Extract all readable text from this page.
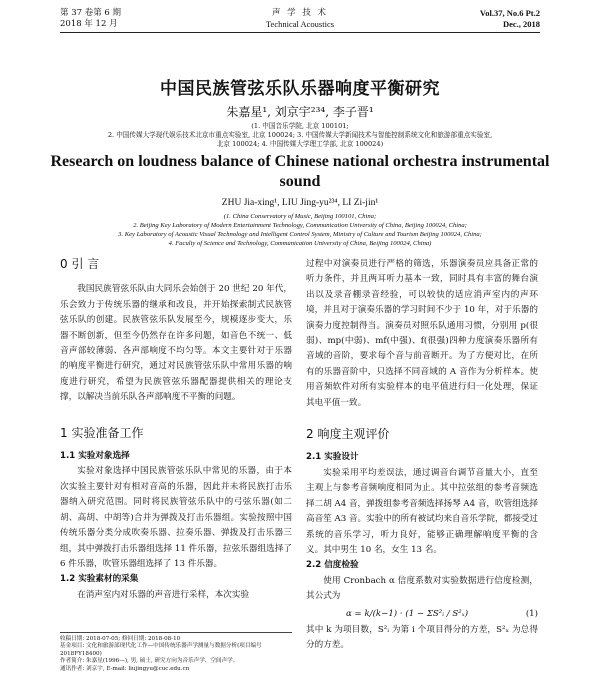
第 37 卷第 6 期
2018 年 12 月
声 学 技 术
Technical Acoustics
Vol.37, No.6 Pt.2
Dec., 2018
中国民族管弦乐队乐器响度平衡研究
朱嘉星¹, 刘京宇²³⁴, 李子晋¹
(1. 中国音乐学院, 北京 100101;
2. 中国传媒大学现代娱乐技术北京市重点实验室, 北京 100024; 3. 中国传媒大学新闻技术与智能控制系统文化和旅游部重点实验室,
北京 100024; 4. 中国传媒大学理工学部, 北京 100024)
Research on loudness balance of Chinese national orchestra instrumental sound
ZHU Jia-xing¹, LIU Jing-yu²³⁴, LI Zi-jin¹
(1. China Conservatory of Music, Beijing 100101, China;
2. Beijing Key Laboratory of Modern Entertainment Technology, Communication University of China, Beijing 100024, China;
3. Key Laboratory of Acoustic Visual Technology and Intelligent Control System, Ministry of Culture and Tourism Beijing 100024, China;
4. Faculty of Science and Technology, Communication University of China, Beijing 100024, China)
0 引 言

我国民族管弦乐队由大同乐会始创于 20 世纪 20 年代，乐会致力于传统乐器的继承和改良，并开始探索制式民族管弦乐队的创建。民族管弦乐队发展至今，规模逐步变大，乐器不断创新，但至今仍然存在许多问题，如音色不统一、低音声部较薄弱、各声部响度不均匀等。本文主要针对于乐器的响度平衡进行研究，通过对民族管弦乐队中常用乐器的响度进行研究，希望为民族管弦乐器配器提供相关的理论支撑，以解决当前乐队各声部响度不平衡的问题。

1 实验准备工作
1.1 实验对象选择

实验对象选择中国民族管弦乐队中常见的乐器，由于本次实验主要针对有相对音高的乐器，因此并未将民族打击乐器纳入研究范围。同时将民族管弦乐队中的弓弦乐器(如二胡、高胡、中胡等)合并为弹拨及打击乐器组。实验按照中国传统乐器分类分成吹奏乐器、拉奏乐器、弹拨及打击乐器三组，其中弹拨打击乐器组选择 11 件乐器，拉弦乐器组选择了 6 件乐器，吹管乐器组选择了 13 件乐器。

1.2 实验素材的采集

在消声室内对乐器的声音进行采样，本次实验

过程中对演奏员进行严格的筛选，乐器演奏员应具备正常的听力条件，并且两耳听力基本一致，同时具有丰富的舞台演出以及录音棚录音经验，可以较快的适应消声室内的声环境，并且对于演奏乐器的学习时间不少于 10 年，对于乐器的演奏力度控制得当。演奏员对照乐队通用习惯，分别用 p(很弱)、mp(中弱)、mf(中强)、f(很强)四种力度演奏乐器所有音域的音阶，要求每个音与前音断开。为了方便对比，在所有的乐器音阶中，只选择不同音域的 A 音作为分析样本。使用音频软件对所有实验样本的电平值进行归一化处理，保证其电平值一致。

2 响度主观评价
2.1 实验设计

实验采用平均差误法，通过调音台调节音量大小，直至主观上与参考音频响度相同为止。其中拉弦组的参考音频选择二胡 A4 音，弹拨组参考音频选择扬琴 A4 音，吹管组选择高音笙 A3 音。实验中的所有被试均来自音乐学院，都接受过系统的音乐学习，听力良好，能够正确理解响度平衡的含义。其中男生 10 名，女生 13 名。

2.2 信度检验

使用 Cronbach α 信度系数对实验数据进行信度检测，其公式为

α = k/(k−1) · (1 − ΣS²ᵢ / S²ₓ)	(1)

其中 k 为项目数，S²ᵢ 为第 i 个项目得分的方差，S²ₓ 为总得分的方差。

收稿日期: 2018-07-05; 修回日期: 2018-08-10
基金项目: 文化和旅游部现代化工作—中国传统乐器声学测量与数据分析(项目编号 2018FY18400)
作者简介: 朱嘉星(1996—), 男, 硕士, 研究方向为音乐声学、空间声学。
通讯作者: 刘京宇, E-mail: liujingyu@cuc.edu.cn
